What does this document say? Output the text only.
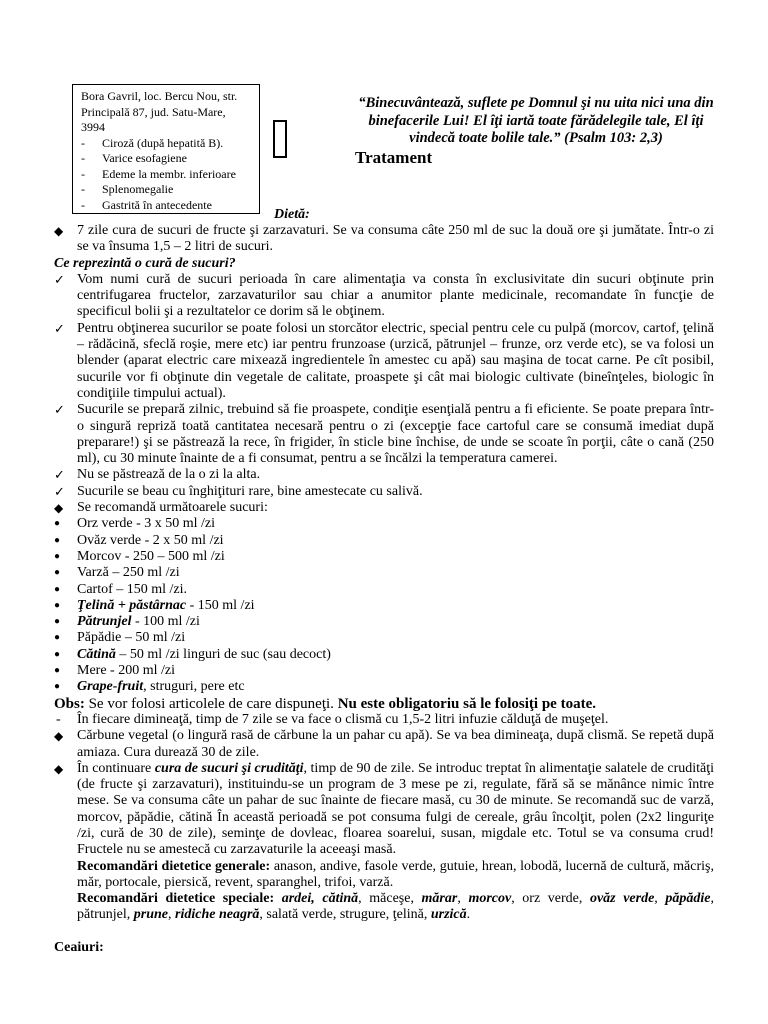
Bora Gavril, loc. Bercu Nou, str. Principală 87, jud. Satu-Mare, 3994
-	Ciroză (după hepatită B).
-	Varice esofagiene
-	Edeme la membr. inferioare
-	Splenomegalie
-	Gastrită în antecedente
“Binecuvântează, suflete pe Domnul şi nu uita nici una din binefacerile Lui! El îţi iartă toate fărădelegile tale, El îţi vindecă toate bolile tale.” (Psalm 103: 2,3)
Tratament
Dietă:
◆ 7 zile cura de sucuri de fructe şi zarzavaturi. Se va consuma câte 250 ml de suc la două ore şi jumătate. Într-o zi se va însuma 1,5 – 2 litri de sucuri.
Ce reprezintă o cură de sucuri?
✓ Vom numi cură de sucuri perioada în care alimentaţia va consta în exclusivitate din sucuri obţinute prin centrifugarea fructelor, zarzavaturilor sau chiar a anumitor plante medicinale, recomandate în funcţie de specificul bolii şi a rezultatelor ce dorim să le obţinem.
✓ Pentru obţinerea sucurilor se poate folosi un storcător electric, special pentru cele cu pulpă (morcov, cartof, ţelină – rădăcină, sfeclă roşie, mere etc) iar pentru frunzoase (urzică, pătrunjel – frunze, orz verde etc), se va folosi un blender (aparat electric care mixează ingredientele în amestec cu apă) sau maşina de tocat carne. Pe cît posibil, sucurile vor fi obţinute din vegetale de calitate, proaspete şi cât mai biologic cultivate (bineînţeles, biologic în condiţiile timpului actual).
✓ Sucurile se prepară zilnic, trebuind să fie proaspete, condiţie esenţială pentru a fi eficiente. Se poate prepara într-o singură repriză toată cantitatea necesară pentru o zi (excepţie face cartoful care se consumă imediat după preparare!) şi se păstrează la rece, în frigider, în sticle bine închise, de unde se scoate în porţii, câte o cană (250 ml), cu 30 minute înainte de a fi consumat, pentru a se încălzi la temperatura camerei.
✓ Nu se păstrează de la o zi la alta.
✓ Sucurile se beau cu înghiţituri rare, bine amestecate cu salivă.
◆ Se recomandă următoarele sucuri:
●	Orz verde - 3 x 50 ml /zi
●	Ovăz verde - 2 x 50 ml /zi
●	Morcov - 250 – 500 ml /zi
●	Varză – 250 ml /zi
●	Cartof – 150 ml /zi.
●	Ţelină + păstârnac - 150 ml /zi
●	Pătrunjel - 100 ml /zi
●	Păpădie – 50 ml /zi
●	Cătină – 50 ml /zi linguri de suc (sau decoct)
●	Mere - 200 ml /zi
●	Grape-fruit, struguri, pere etc
Obs: Se vor folosi articolele de care dispuneţi. Nu este obligatoriu să le folosiţi pe toate.
-	În fiecare dimineaţă, timp de 7 zile se va face o clismă cu 1,5-2 litri infuzie călduţă de muşeţel.
◆ Cărbune vegetal (o lingură rasă de cărbune la un pahar cu apă). Se va bea dimineaţa, după clismă. Se repetă după amiaza. Cura durează 30 de zile.
◆ În continuare cura de sucuri şi crudităţi, timp de 90 de zile. Se introduc treptat în alimentaţie salatele de crudităţi (de fructe şi zarzavaturi), instituindu-se un program de 3 mese pe zi, regulate, fără să se mănânce nimic între mese. Se va consuma câte un pahar de suc înainte de fiecare masă, cu 30 de minute. Se recomandă suc de varză, morcov, păpădie, cătină În această perioadă se pot consuma fulgi de cereale, grâu încolţit, polen (2x2 linguriţe /zi, cură de 30 de zile), seminţe de dovleac, floarea soarelui, susan, migdale etc. Totul se va consuma crud! Fructele nu se amestecă cu zarzavaturile la aceeaşi masă.
Recomandări dietetice generale: anason, andive, fasole verde, gutuie, hrean, lobodă, lucernă de cultură, măcriş, măr, portocale, piersică, revent, sparanghel, trifoi, varză.
Recomandări dietetice speciale: ardei, cătină, măceşe, mărar, morcov, orz verde, ovăz verde, păpădie, pătrunjel, prune, ridiche neagră, salată verde, strugure, ţelină, urzică.
Ceaiuri:
